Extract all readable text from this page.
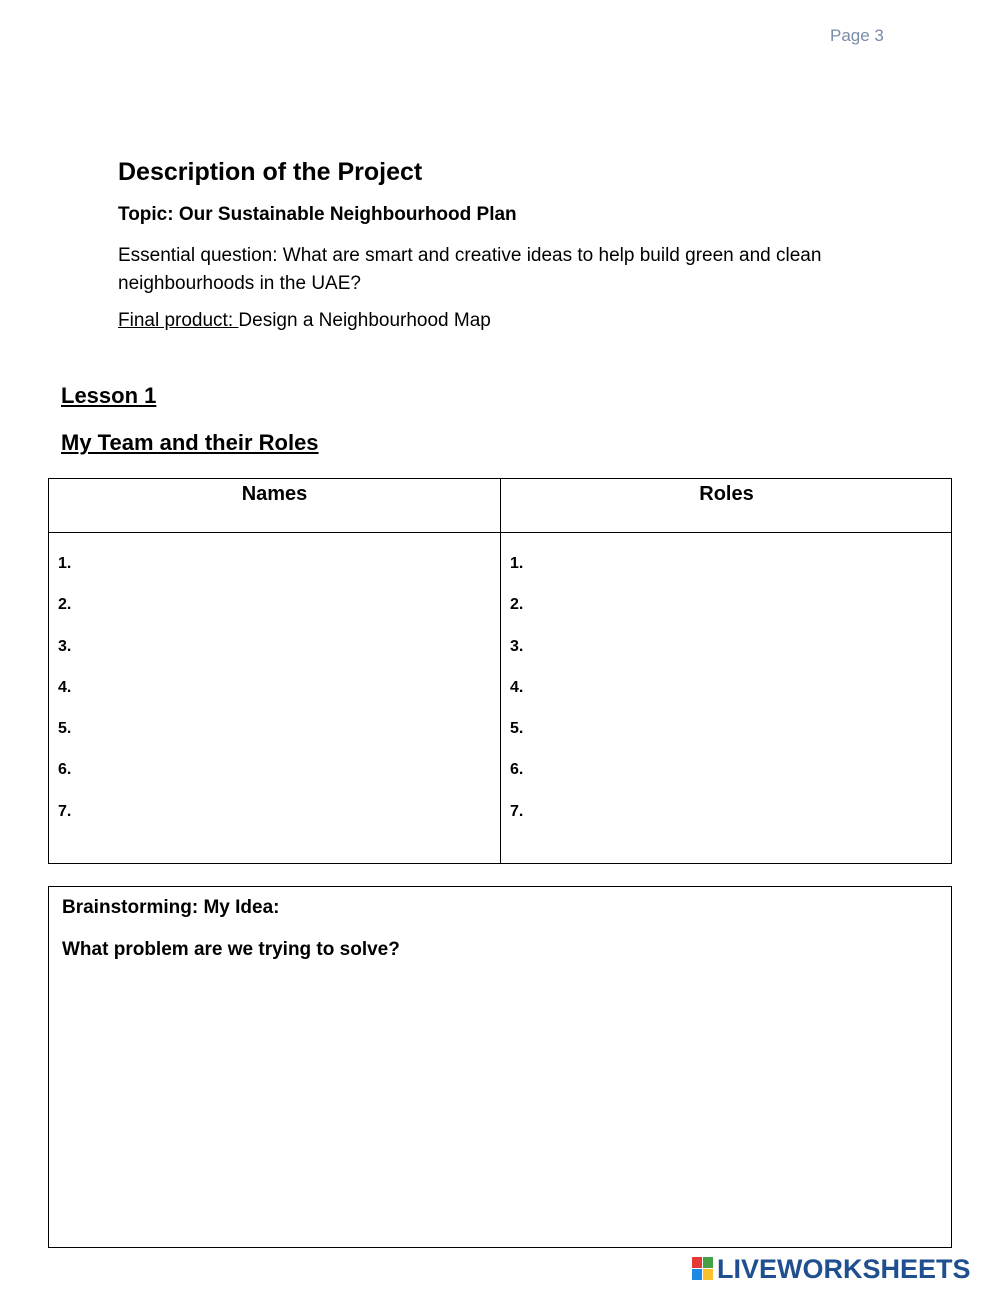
Page 3
Description of the Project
Topic: Our Sustainable Neighbourhood Plan
Essential question: What are smart and creative ideas to help build green and clean neighbourhoods in the UAE?
Final product: Design a Neighbourhood Map
Lesson 1
My Team and their Roles
Names	Roles
1.
2.
3.
4.
5.
6.
7.
1.
2.
3.
4.
5.
6.
7.
Brainstorming: My Idea:
What problem are we trying to solve?
LIVEWORKSHEETS
